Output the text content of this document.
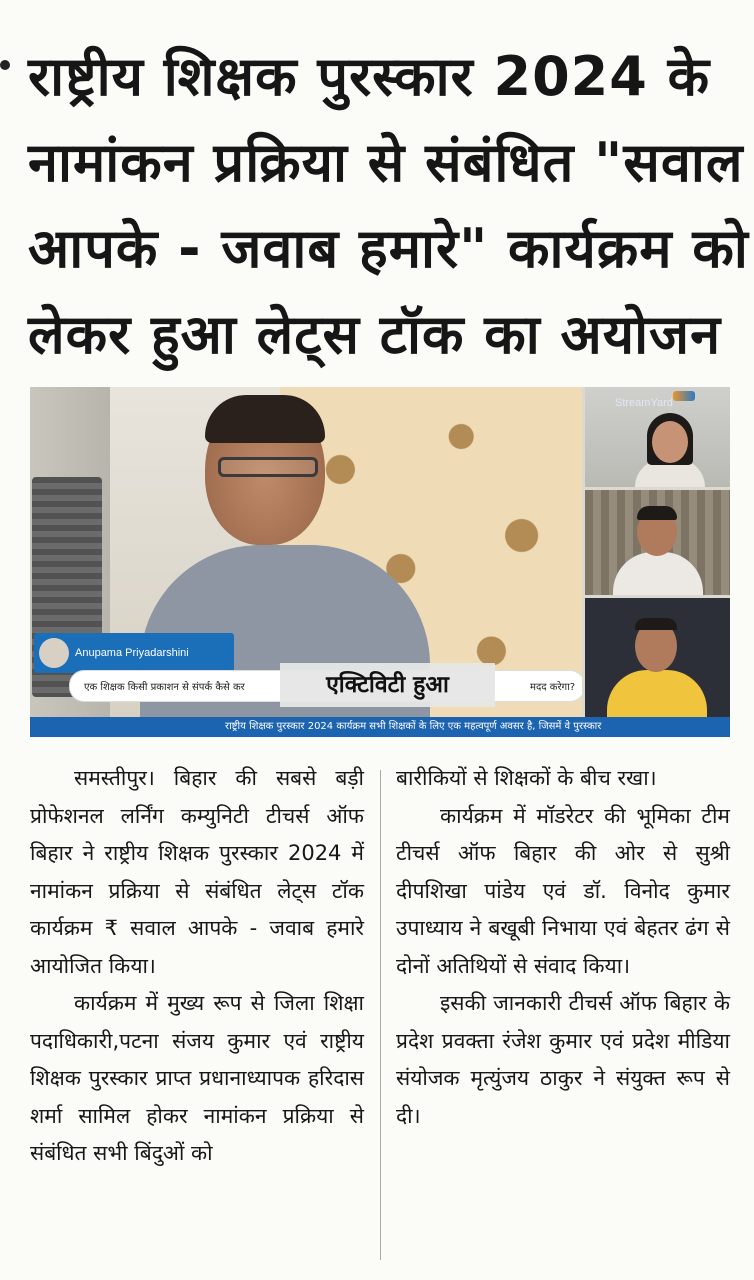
राष्ट्रीय शिक्षक पुरस्कार 2024 के
नामांकन प्रक्रिया से संबंधित "सवाल
आपके - जवाब हमारे" कार्यक्रम को
लेकर हुआ लेट्स टॉक का अयोजन
Anupama Priyadarshini
एक शिक्षक किसी प्रकाशन से संपर्क कैसे कर	मदद करेगा?
एक्टिविटी हुआ
StreamYard
राष्ट्रीय शिक्षक पुरस्कार 2024 कार्यक्रम सभी शिक्षकों के लिए एक महत्वपूर्ण अवसर है, जिसमें वे पुरस्कार

समस्तीपुर। बिहार की सबसे बड़ी प्रोफेशनल लर्निंग कम्युनिटी टीचर्स ऑफ बिहार ने राष्ट्रीय शिक्षक पुरस्कार 2024 में नामांकन प्रक्रिया से संबंधित लेट्स टॉक कार्यक्रम ₹ सवाल आपके - जवाब हमारे आयोजित किया।

कार्यक्रम में मुख्य रूप से जिला शिक्षा पदाधिकारी,पटना संजय कुमार एवं राष्ट्रीय शिक्षक पुरस्कार प्राप्त प्रधानाध्यापक हरिदास शर्मा सामिल होकर नामांकन प्रक्रिया से संबंधित सभी बिंदुओं को

बारीकियों से शिक्षकों के बीच रखा।

कार्यक्रम में मॉडरेटर की भूमिका टीम टीचर्स ऑफ बिहार की ओर से सुश्री दीपशिखा पांडेय एवं डॉ. विनोद कुमार उपाध्याय ने बखूबी निभाया एवं बेहतर ढंग से दोनों अतिथियों से संवाद किया।

इसकी जानकारी टीचर्स ऑफ बिहार के प्रदेश प्रवक्ता रंजेश कुमार एवं प्रदेश मीडिया संयोजक मृत्युंजय ठाकुर ने संयुक्त रूप से दी।
